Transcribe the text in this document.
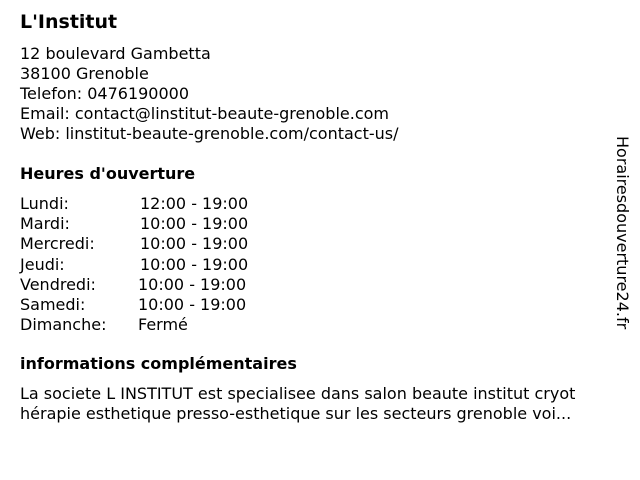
L'Institut
12 boulevard Gambetta
38100 Grenoble
Telefon: 0476190000
Email: contact@linstitut-beaute-grenoble.com
Web: linstitut-beaute-grenoble.com/contact-us/
Heures d'ouverture
Lundi:	12:00 - 19:00
Mardi:	10:00 - 19:00
Mercredi:	10:00 - 19:00
Jeudi:	10:00 - 19:00
Vendredi:	10:00 - 19:00
Samedi:	10:00 - 19:00
Dimanche: Fermé
informations complémentaires
La societe L INSTITUT est specialisee dans salon beaute institut cryot
hérapie esthetique presso-esthetique sur les secteurs grenoble voi...
Horairesdouverture24.fr
